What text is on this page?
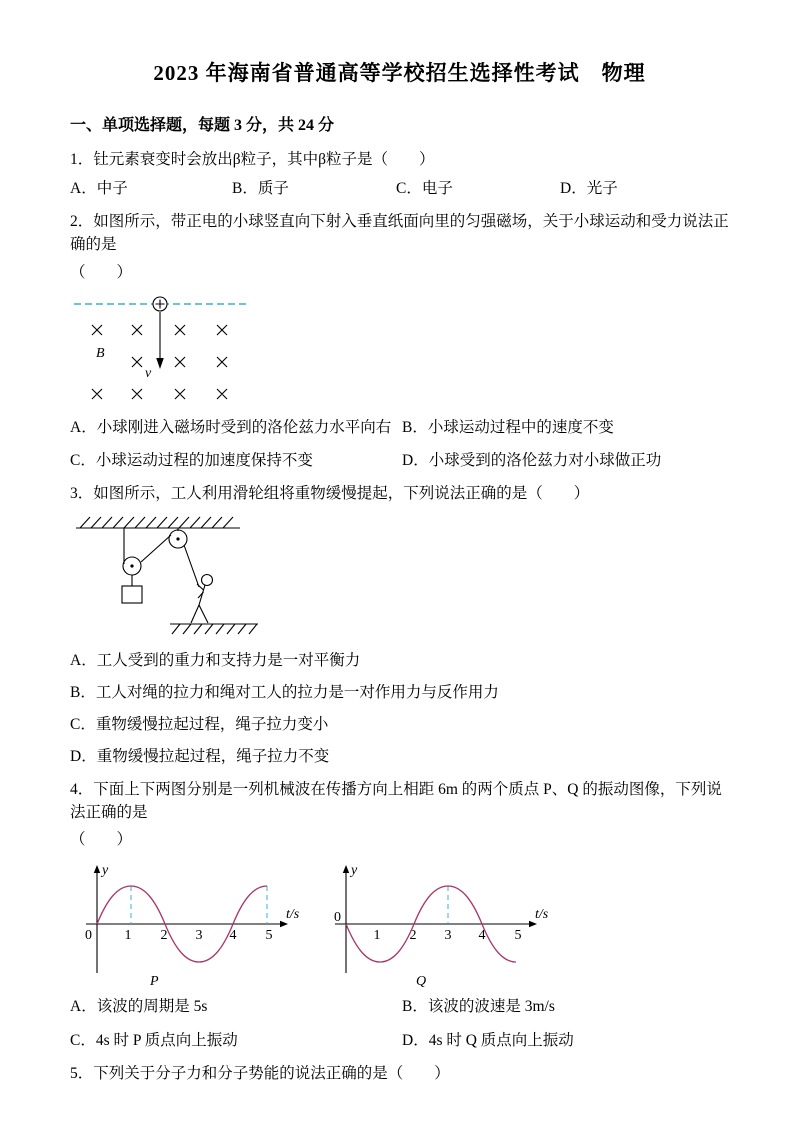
2023 年海南省普通高等学校招生选择性考试　物理
一、单项选择题，每题 3 分，共 24 分
1．钍元素衰变时会放出β粒子，其中β粒子是（　　）
A．中子	B．质子	C．电子	D．光子
2．如图所示，带正电的小球竖直向下射入垂直纸面向里的匀强磁场，关于小球运动和受力说法正确的是
（　　）
v
B
A．小球刚进入磁场时受到的洛伦兹力水平向右 B．小球运动过程中的速度不变
C．小球运动过程的加速度保持不变	D．小球受到的洛伦兹力对小球做正功
3．如图所示，工人利用滑轮组将重物缓慢提起，下列说法正确的是（　　）
A．工人受到的重力和支持力是一对平衡力
B．工人对绳的拉力和绳对工人的拉力是一对作用力与反作用力
C．重物缓慢拉起过程，绳子拉力变小
D．重物缓慢拉起过程，绳子拉力不变
4．下面上下两图分别是一列机械波在传播方向上相距 6m 的两个质点 P、Q 的振动图像，下列说法正确的是
（　　）
y
t/s
0 1 2 3 4 5
P
y
t/s
0
1 2 3 4 5
Q
A．该波的周期是 5s	B．该波的波速是 3m/s
C．4s 时 P 质点向上振动	D．4s 时 Q 质点向上振动
5．下列关于分子力和分子势能的说法正确的是（　　）
